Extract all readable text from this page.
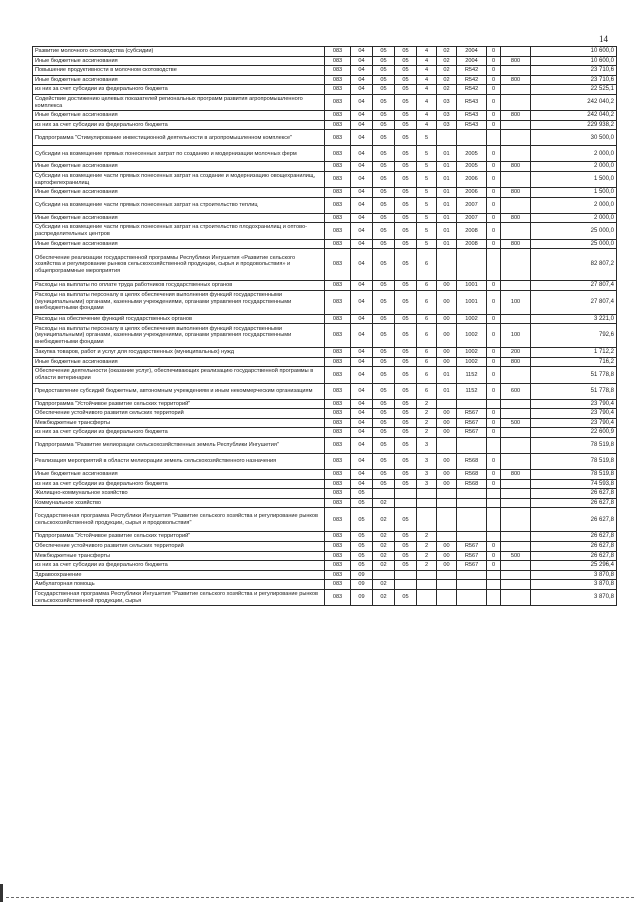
14
Развитие молочного скотоводства (субсидии)	083	04	05	05	4	02	2004	0		10 600,0
Иные бюджетные ассигнования	083	04	05	05	4	02	2004	0	800	10 600,0
Повышение продуктивности в молочном скотоводстве	083	04	05	05	4	02	R542	0		23 710,6
Иные бюджетные ассигнования	083	04	05	05	4	02	R542	0	800	23 710,6
из них за счет субсидии из федерального бюджета	083	04	05	05	4	02	R542	0		22 525,1
Содействие достижению целевых показателей региональных программ развития агропромышленного комплекса	083	04	05	05	4	03	R543	0		242 040,2
Иные бюджетные ассигнования	083	04	05	05	4	03	R543	0	800	242 040,2
из них за счет субсидии из федерального бюджета	083	04	05	05	4	03	R543	0		229 938,2
Подпрограмма "Стимулирование инвестиционной деятельности в агропромышленном комплексе"	083	04	05	05	5					30 500,0
Субсидии на возмещение прямых понесенных затрат по созданию и модернизации молочных ферм	083	04	05	05	5	01	2005	0		2 000,0
Иные бюджетные ассигнования	083	04	05	05	5	01	2005	0	800	2 000,0
Субсидии на возмещение части прямых понесенных затрат на создание и модернизацию овощехранилищ, картофелехранилищ	083	04	05	05	5	01	2006	0		1 500,0
Иные бюджетные ассигнования	083	04	05	05	5	01	2006	0	800	1 500,0
Субсидии на возмещение части прямых понесенных затрат на строительство теплиц	083	04	05	05	5	01	2007	0		2 000,0
Иные бюджетные ассигнования	083	04	05	05	5	01	2007	0	800	2 000,0
Субсидии на возмещение части прямых понесенных затрат на строительство плодохранилищ и оптово-распределительных центров	083	04	05	05	5	01	2008	0		25 000,0
Иные бюджетные ассигнования	083	04	05	05	5	01	2008	0	800	25 000,0
Обеспечение реализации государственной программы Республики Ингушетия «Развитие сельского хозяйства и регулирование рынков сельскохозяйственной продукции, сырья и продовольствия» и общепрограммные мероприятия	083	04	05	05	6					82 807,2
Расходы на выплаты по оплате труда работников государственных органов	083	04	05	05	6	00	1001	0		27 807,4
Расходы на выплаты персоналу в целях обеспечения выполнения функций государственными (муниципальными) органами, казенными учреждениями, органами управления государственными внебюджетными фондами	083	04	05	05	6	00	1001	0	100	27 807,4
Расходы на обеспечение функций государственных органов	083	04	05	05	6	00	1002	0		3 221,0
Расходы на выплаты персоналу в целях обеспечения выполнения функций государственными (муниципальными) органами, казенными учреждениями, органами управления государственными внебюджетными фондами	083	04	05	05	6	00	1002	0	100	792,6
Закупка товаров, работ и услуг для государственных (муниципальных) нужд	083	04	05	05	6	00	1002	0	200	1 712,2
Иные бюджетные ассигнования	083	04	05	05	6	00	1002	0	800	716,2
Обеспечение деятельности (оказание услуг), обеспечивающих реализацию государственной программы в области ветеринарии	083	04	05	05	6	01	1152	0		51 778,8
Предоставление субсидий бюджетным, автономным учреждениям и иным некоммерческим организациям	083	04	05	05	6	01	1152	0	600	51 778,8
Подпрограмма "Устойчивое развитие сельских территорий"	083	04	05	05	2					23 790,4
Обеспечение устойчивого развития сельских территорий	083	04	05	05	2	00	R567	0		23 790,4
Межбюджетные трансферты	083	04	05	05	2	00	R567	0	500	23 790,4
из них за счет субсидии из федерального бюджета	083	04	05	05	2	00	R567	0		22 600,9
Подпрограмма "Развитие мелиорации сельскохозяйственных земель Республики Ингушетия"	083	04	05	05	3					78 519,8
Реализация мероприятий в области мелиорации земель сельскохозяйственного назначения	083	04	05	05	3	00	R568	0		78 519,8
Иные бюджетные ассигнования	083	04	05	05	3	00	R568	0	800	78 519,8
из них за счет субсидии из федерального бюджета	083	04	05	05	3	00	R568	0		74 593,8
Жилищно-коммунальное хозяйство	083	05								26 627,8
Коммунальное хозяйство	083	05	02							26 627,8
Государственная программа Республики Ингушетия "Развитие сельского хозяйства и регулирование рынков сельскохозяйственной продукции, сырья и продовольствия"	083	05	02	05						26 627,8
Подпрограмма "Устойчивое развитие сельских территорий"	083	05	02	05	2					26 627,8
Обеспечение устойчивого развития сельских территорий	083	05	02	05	2	00	R567	0		26 627,8
Межбюджетные трансферты	083	05	02	05	2	00	R567	0	500	26 627,8
из них за счет субсидии из федерального бюджета	083	05	02	05	2	00	R567	0		25 296,4
Здравоохранение	083	09								3 870,8
Амбулаторная помощь	083	09	02							3 870,8
Государственная программа Республики Ингушетия "Развитие сельского хозяйства и регулирование рынков сельскохозяйственной продукции, сырья	083	09	02	05						3 870,8
